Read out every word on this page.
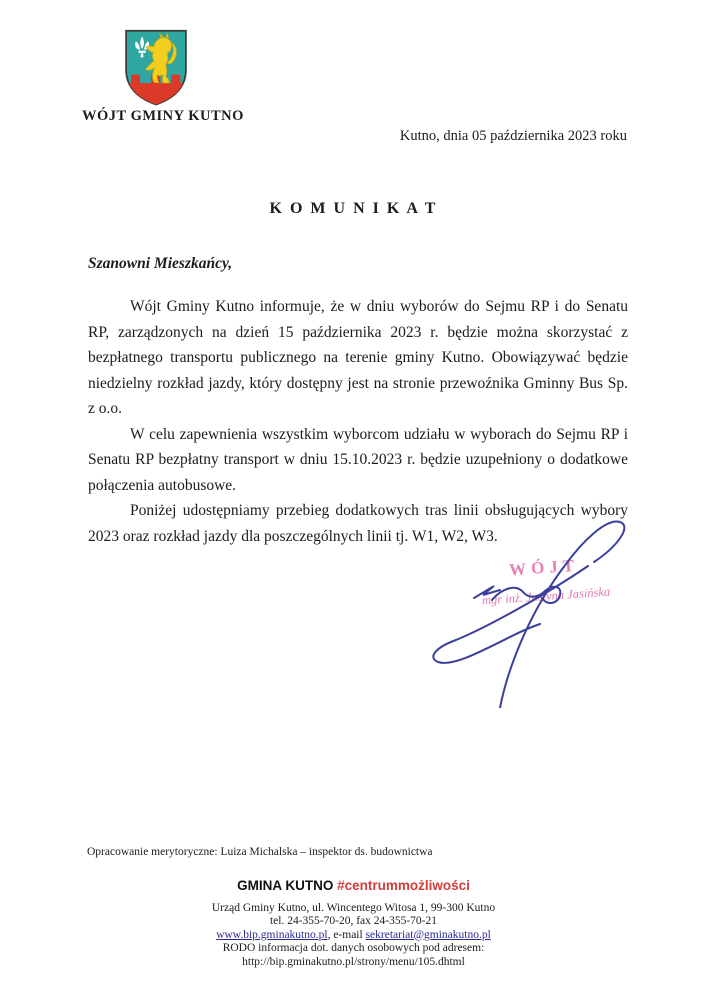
WÓJT GMINY KUTNO
Kutno, dnia 05 października 2023 roku
K O M U N I K A T
Szanowni Mieszkańcy,

Wójt Gminy Kutno informuje, że w dniu wyborów do Sejmu RP i do Senatu RP, zarządzonych na dzień 15 października 2023 r. będzie można skorzystać z bezpłatnego transportu publicznego na terenie gminy Kutno. Obowiązywać będzie niedzielny rozkład jazdy, który dostępny jest na stronie przewoźnika Gminny Bus Sp. z o.o.

W celu zapewnienia wszystkim wyborcom udziału w wyborach do Sejmu RP i Senatu RP bezpłatny transport w dniu 15.10.2023 r. będzie uzupełniony o dodatkowe połączenia autobusowe.

Poniżej udostępniamy przebieg dodatkowych tras linii obsługujących wybory 2023 oraz rozkład jazdy dla poszczególnych linii tj. W1, W2, W3.

WÓJT
mgr inż. Justyna Jasińska
Opracowanie merytoryczne: Luiza Michalska – inspektor ds. budownictwa
GMINA KUTNO #centrummożliwości
Urząd Gminy Kutno, ul. Wincentego Witosa 1, 99-300 Kutno
tel. 24-355-70-20, fax 24-355-70-21
www.bip.gminakutno.pl, e-mail sekretariat@gminakutno.pl
RODO informacja dot. danych osobowych pod adresem:
http://bip.gminakutno.pl/strony/menu/105.dhtml
